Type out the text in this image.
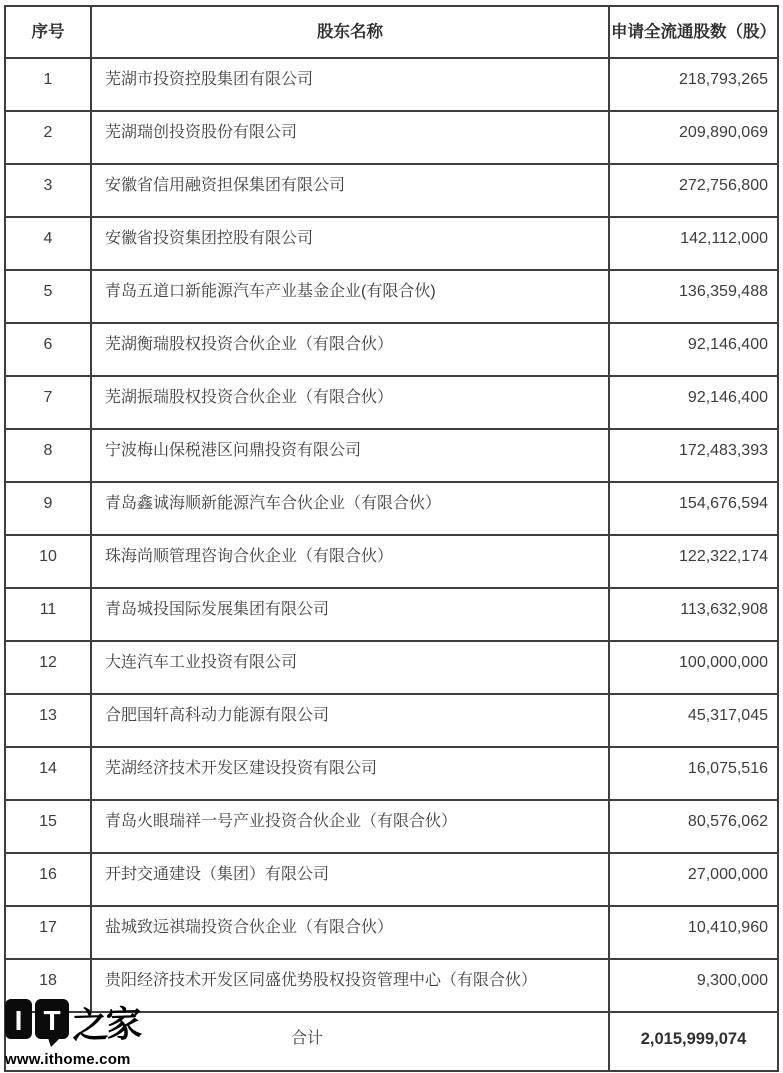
序号	股东名称	申请全流通股数（股）
1	芜湖市投资控股集团有限公司	218,793,265
2	芜湖瑞创投资股份有限公司	209,890,069
3	安徽省信用融资担保集团有限公司	272,756,800
4	安徽省投资集团控股有限公司	142,112,000
5	青岛五道口新能源汽车产业基金企业(有限合伙)	136,359,488
6	芜湖衡瑞股权投资合伙企业（有限合伙）	92,146,400
7	芜湖振瑞股权投资合伙企业（有限合伙）	92,146,400
8	宁波梅山保税港区问鼎投资有限公司	172,483,393
9	青岛鑫诚海顺新能源汽车合伙企业（有限合伙）	154,676,594
10	珠海尚顺管理咨询合伙企业（有限合伙）	122,322,174
11	青岛城投国际发展集团有限公司	113,632,908
12	大连汽车工业投资有限公司	100,000,000
13	合肥国轩高科动力能源有限公司	45,317,045
14	芜湖经济技术开发区建设投资有限公司	16,075,516
15	青岛火眼瑞祥一号产业投资合伙企业（有限合伙）	80,576,062
16	开封交通建设（集团）有限公司	27,000,000
17	盐城致远祺瑞投资合伙企业（有限合伙）	10,410,960
18	贵阳经济技术开发区同盛优势股权投资管理中心（有限合伙）	9,300,000
合计	2,015,999,074
I T 之家
www.ithome.com
